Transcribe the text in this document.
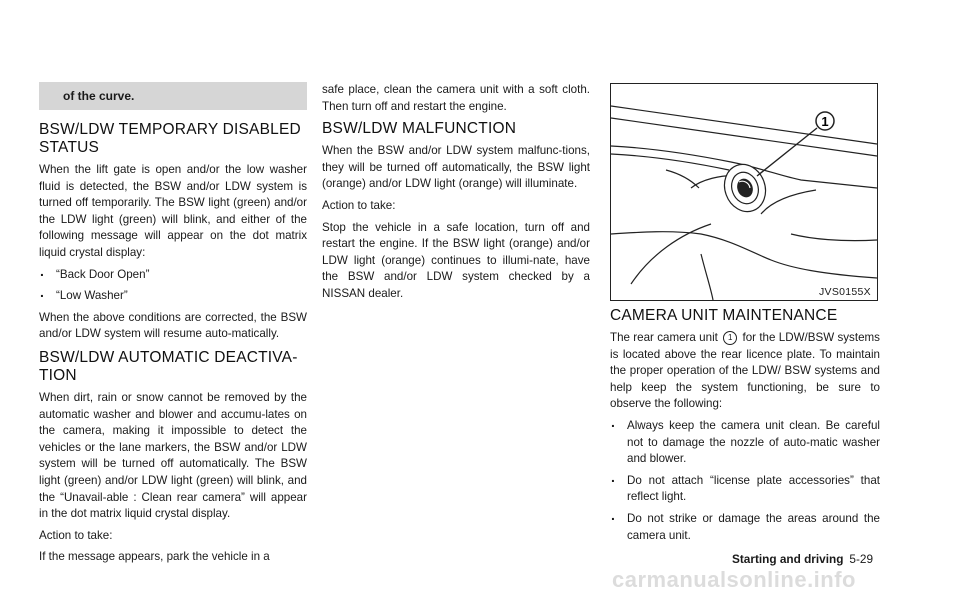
of the curve.
BSW/LDW TEMPORARY DISABLED STATUS

When the lift gate is open and/or the low washer fluid is detected, the BSW and/or LDW system is turned off temporarily. The BSW light (green) and/or the LDW light (green) will blink, and either of the following message will appear on the dot matrix liquid crystal display:

. “Back Door Open”
. “Low Washer”

When the above conditions are corrected, the BSW and/or LDW system will resume auto-matically.

BSW/LDW AUTOMATIC DEACTIVA-TION

When dirt, rain or snow cannot be removed by the automatic washer and blower and accumu-lates on the camera, making it impossible to detect the vehicles or the lane markers, the BSW and/or LDW system will be turned off automatically. The BSW light (green) and/or LDW light (green) will blink, and the “Unavail-able : Clean rear camera” will appear in the dot matrix liquid crystal display.

Action to take:

If the message appears, park the vehicle in a

safe place, clean the camera unit with a soft cloth. Then turn off and restart the engine.

BSW/LDW MALFUNCTION

When the BSW and/or LDW system malfunc-tions, they will be turned off automatically, the BSW light (orange) and/or LDW light (orange) will illuminate.

Action to take:

Stop the vehicle in a safe location, turn off and restart the engine. If the BSW light (orange) and/or LDW light (orange) continues to illumi-nate, have the BSW and/or LDW system checked by a NISSAN dealer.

1
JVS0155X
CAMERA UNIT MAINTENANCE

The rear camera unit 1 for the LDW/BSW systems is located above the rear licence plate. To maintain the proper operation of the LDW/ BSW systems and help keep the system functioning, be sure to observe the following:

. Always keep the camera unit clean. Be careful not to damage the nozzle of auto-matic washer and blower.
. Do not attach “license plate accessories” that reflect light.
. Do not strike or damage the areas around the camera unit.
Starting and driving 5-29
carmanualsonline.info
